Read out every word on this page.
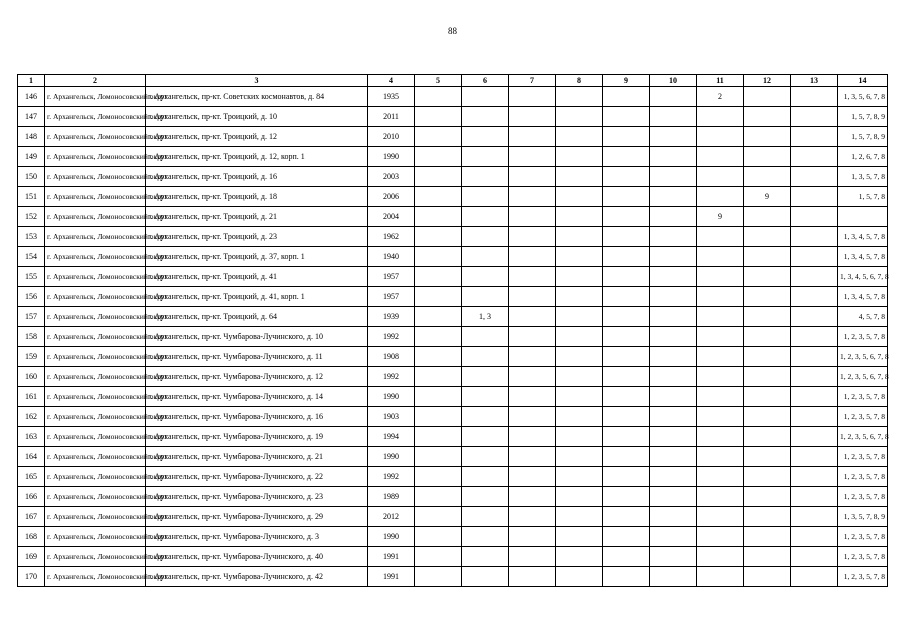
88
1	2	3	4	5	6	7	8	9	10	11	12	13	14
146	г. Архангельск, Ломоносовский округ	г. Архангельск, пр-кт. Советских космонавтов, д. 84	1935							2			1, 3, 5, 6, 7, 8
147	г. Архангельск, Ломоносовский округ	г. Архангельск, пр-кт. Троицкий, д. 10	2011										1, 5, 7, 8, 9
148	г. Архангельск, Ломоносовский округ	г. Архангельск, пр-кт. Троицкий, д. 12	2010										1, 5, 7, 8, 9
149	г. Архангельск, Ломоносовский округ	г. Архангельск, пр-кт. Троицкий, д. 12, корп. 1	1990										1, 2, 6, 7, 8
150	г. Архангельск, Ломоносовский округ	г. Архангельск, пр-кт. Троицкий, д. 16	2003										1, 3, 5, 7, 8
151	г. Архангельск, Ломоносовский округ	г. Архангельск, пр-кт. Троицкий, д. 18	2006								9		1, 5, 7, 8
152	г. Архангельск, Ломоносовский округ	г. Архангельск, пр-кт. Троицкий, д. 21	2004							9			
153	г. Архангельск, Ломоносовский округ	г. Архангельск, пр-кт. Троицкий, д. 23	1962										1, 3, 4, 5, 7, 8
154	г. Архангельск, Ломоносовский округ	г. Архангельск, пр-кт. Троицкий, д. 37, корп. 1	1940										1, 3, 4, 5, 7, 8
155	г. Архангельск, Ломоносовский округ	г. Архангельск, пр-кт. Троицкий, д. 41	1957										1, 3, 4, 5, 6, 7, 8
156	г. Архангельск, Ломоносовский округ	г. Архангельск, пр-кт. Троицкий, д. 41, корп. 1	1957										1, 3, 4, 5, 7, 8
157	г. Архангельск, Ломоносовский округ	г. Архангельск, пр-кт. Троицкий, д. 64	1939		1, 3								4, 5, 7, 8
158	г. Архангельск, Ломоносовский округ	г. Архангельск, пр-кт. Чумбарова-Лучинского, д. 10	1992										1, 2, 3, 5, 7, 8
159	г. Архангельск, Ломоносовский округ	г. Архангельск, пр-кт. Чумбарова-Лучинского, д. 11	1908										1, 2, 3, 5, 6, 7, 8
160	г. Архангельск, Ломоносовский округ	г. Архангельск, пр-кт. Чумбарова-Лучинского, д. 12	1992										1, 2, 3, 5, 6, 7, 8
161	г. Архангельск, Ломоносовский округ	г. Архангельск, пр-кт. Чумбарова-Лучинского, д. 14	1990										1, 2, 3, 5, 7, 8
162	г. Архангельск, Ломоносовский округ	г. Архангельск, пр-кт. Чумбарова-Лучинского, д. 16	1903										1, 2, 3, 5, 7, 8
163	г. Архангельск, Ломоносовский округ	г. Архангельск, пр-кт. Чумбарова-Лучинского, д. 19	1994										1, 2, 3, 5, 6, 7, 8
164	г. Архангельск, Ломоносовский округ	г. Архангельск, пр-кт. Чумбарова-Лучинского, д. 21	1990										1, 2, 3, 5, 7, 8
165	г. Архангельск, Ломоносовский округ	г. Архангельск, пр-кт. Чумбарова-Лучинского, д. 22	1992										1, 2, 3, 5, 7, 8
166	г. Архангельск, Ломоносовский округ	г. Архангельск, пр-кт. Чумбарова-Лучинского, д. 23	1989										1, 2, 3, 5, 7, 8
167	г. Архангельск, Ломоносовский округ	г. Архангельск, пр-кт. Чумбарова-Лучинского, д. 29	2012										1, 3, 5, 7, 8, 9
168	г. Архангельск, Ломоносовский округ	г. Архангельск, пр-кт. Чумбарова-Лучинского, д. 3	1990										1, 2, 3, 5, 7, 8
169	г. Архангельск, Ломоносовский округ	г. Архангельск, пр-кт. Чумбарова-Лучинского, д. 40	1991										1, 2, 3, 5, 7, 8
170	г. Архангельск, Ломоносовский округ	г. Архангельск, пр-кт. Чумбарова-Лучинского, д. 42	1991										1, 2, 3, 5, 7, 8
